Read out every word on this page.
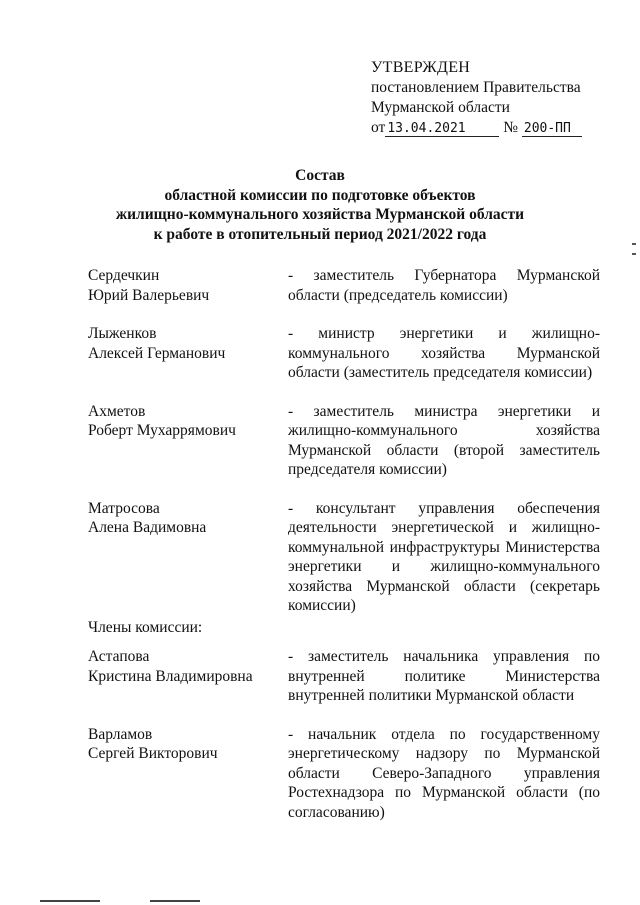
УТВЕРЖДЕН
постановлением Правительства
Мурманской области
от 13.04.2021 № 200-ПП
Состав
областной комиссии по подготовке объектов
жилищно-коммунального хозяйства Мурманской области
к работе в отопительный период 2021/2022 года
Сердечкин
Юрий Валерьевич
- заместитель Губернатора Мурманской области (председатель комиссии)
Лыженков
Алексей Германович
- министр энергетики и жилищно-коммунального хозяйства Мурманской области (заместитель председателя комиссии)
Ахметов
Роберт Мухаррямович
- заместитель министра энергетики и жилищно-коммунального хозяйства Мурманской области (второй заместитель председателя комиссии)
Матросова
Алена Вадимовна
- консультант управления обеспечения деятельности энергетической и жилищно-коммунальной инфраструктуры Министерства энергетики и жилищно-коммунального хозяйства Мурманской области (секретарь комиссии)
Члены комиссии:
Астапова
Кристина Владимировна
- заместитель начальника управления по внутренней политике Министерства внутренней политики Мурманской области
Варламов
Сергей Викторович
- начальник отдела по государственному энергетическому надзору по Мурманской области Северо-Западного управления Ростехнадзора по Мурманской области (по согласованию)
